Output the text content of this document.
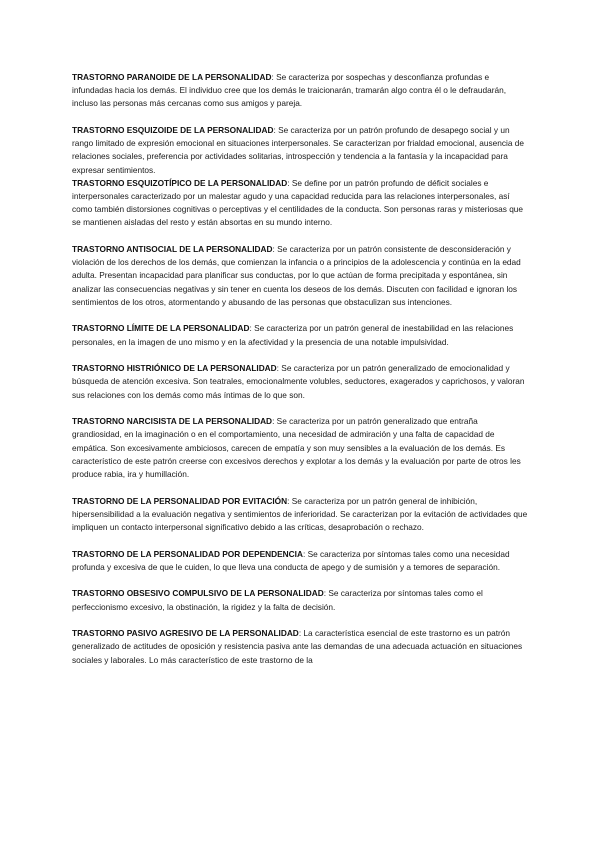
TRASTORNO PARANOIDE DE LA PERSONALIDAD: Se caracteriza por sospechas y desconfianza profundas e infundadas hacia los demás. El individuo cree que los demás le traicionarán, tramarán algo contra él o le defraudarán, incluso las personas más cercanas como sus amigos y pareja.

TRASTORNO ESQUIZOIDE DE LA PERSONALIDAD: Se caracteriza por un patrón profundo de desapego social y un rango limitado de expresión emocional en situaciones interpersonales. Se caracterizan por frialdad emocional, ausencia de relaciones sociales, preferencia por actividades solitarias, introspección y tendencia a la fantasía y la incapacidad para expresar sentimientos.

TRASTORNO ESQUIZOTÍPICO DE LA PERSONALIDAD: Se define por un patrón profundo de déficit sociales e interpersonales caracterizado por un malestar agudo y una capacidad reducida para las relaciones interpersonales, así como también distorsiones cognitivas o perceptivas y el centilidades de la conducta. Son personas raras y misteriosas que se mantienen aisladas del resto y están absortas en su mundo interno.

TRASTORNO ANTISOCIAL DE LA PERSONALIDAD: Se caracteriza por un patrón consistente de desconsideración y violación de los derechos de los demás, que comienzan la infancia o a principios de la adolescencia y continúa en la edad adulta. Presentan incapacidad para planificar sus conductas, por lo que actúan de forma precipitada y espontánea, sin analizar las consecuencias negativas y sin tener en cuenta los deseos de los demás. Discuten con facilidad e ignoran los sentimientos de los otros, atormentando y abusando de las personas que obstaculizan sus intenciones.

TRASTORNO LÍMITE DE LA PERSONALIDAD: Se caracteriza por un patrón general de inestabilidad en las relaciones personales, en la imagen de uno mismo y en la afectividad y la presencia de una notable impulsividad.

TRASTORNO HISTRIÓNICO DE LA PERSONALIDAD: Se caracteriza por un patrón generalizado de emocionalidad y búsqueda de atención excesiva. Son teatrales, emocionalmente volubles, seductores, exagerados y caprichosos, y valoran sus relaciones con los demás como más íntimas de lo que son.

TRASTORNO NARCISISTA DE LA PERSONALIDAD: Se caracteriza por un patrón generalizado que entraña grandiosidad, en la imaginación o en el comportamiento, una necesidad de admiración y una falta de capacidad de empática. Son excesivamente ambiciosos, carecen de empatía y son muy sensibles a la evaluación de los demás. Es característico de este patrón creerse con excesivos derechos y explotar a los demás y la evaluación por parte de otros les produce rabia, ira y humillación.

TRASTORNO DE LA PERSONALIDAD POR EVITACIÓN: Se caracteriza por un patrón general de inhibición, hipersensibilidad a la evaluación negativa y sentimientos de inferioridad. Se caracterizan por la evitación de actividades que impliquen un contacto interpersonal significativo debido a las críticas, desaprobación o rechazo.

TRASTORNO DE LA PERSONALIDAD POR DEPENDENCIA: Se caracteriza por síntomas tales como una necesidad profunda y excesiva de que le cuiden, lo que lleva una conducta de apego y de sumisión y a temores de separación.

TRASTORNO OBSESIVO COMPULSIVO DE LA PERSONALIDAD: Se caracteriza por síntomas tales como el perfeccionismo excesivo, la obstinación, la rigidez y la falta de decisión.

TRASTORNO PASIVO AGRESIVO DE LA PERSONALIDAD: La característica esencial de este trastorno es un patrón generalizado de actitudes de oposición y resistencia pasiva ante las demandas de una adecuada actuación en situaciones sociales y laborales. Lo más característico de este trastorno de la
